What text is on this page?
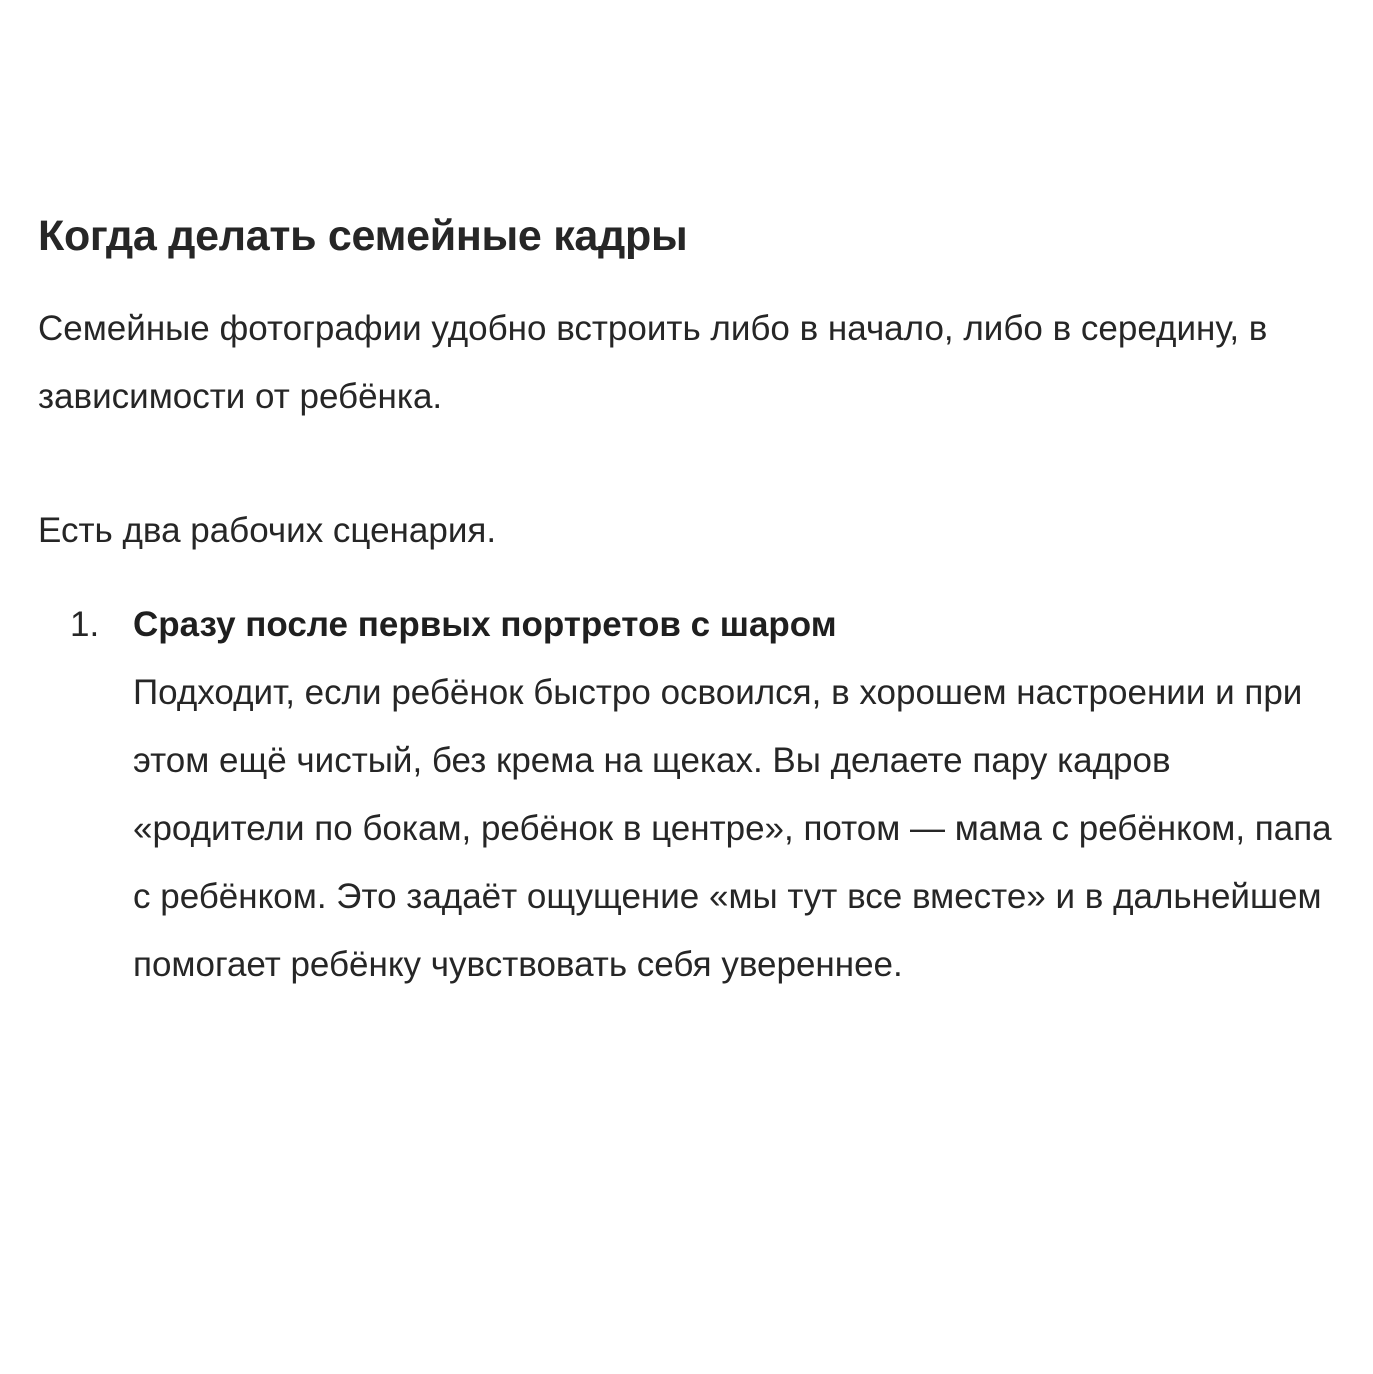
Когда делать семейные кадры

Семейные фотографии удобно встроить либо в начало, либо в середину, в зависимости от ребёнка.

Есть два рабочих сценария.

1. Сразу после первых портретов с шаром
Подходит, если ребёнок быстро освоился, в хорошем настроении и при этом ещё чистый, без крема на щеках. Вы делаете пару кадров «родители по бокам, ребёнок в центре», потом — мама с ребёнком, папа с ребёнком. Это задаёт ощущение «мы тут все вместе» и в дальнейшем помогает ребёнку чувствовать себя увереннее.
